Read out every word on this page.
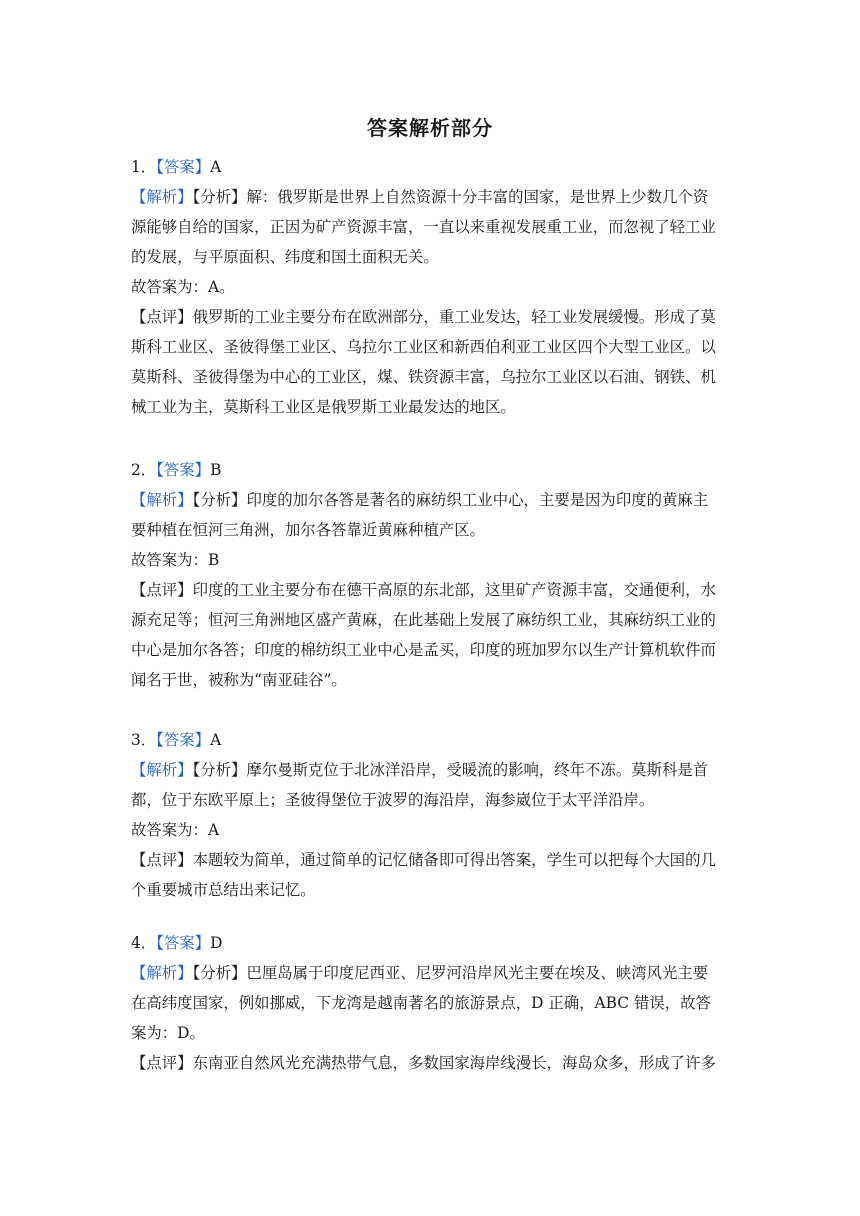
答案解析部分
1．【答案】A
【解析】【分析】解：俄罗斯是世界上自然资源十分丰富的国家，是世界上少数几个资
源能够自给的国家，正因为矿产资源丰富，一直以来重视发展重工业，而忽视了轻工业
的发展，与平原面积、纬度和国土面积无关。
故答案为：A。
【点评】俄罗斯的工业主要分布在欧洲部分，重工业发达，轻工业发展缓慢。形成了莫
斯科工业区、圣彼得堡工业区、乌拉尔工业区和新西伯利亚工业区四个大型工业区。以
莫斯科、圣彼得堡为中心的工业区，煤、铁资源丰富，乌拉尔工业区以石油、钢铁、机
械工业为主，莫斯科工业区是俄罗斯工业最发达的地区。
2．【答案】B
【解析】【分析】印度的加尔各答是著名的麻纺织工业中心，主要是因为印度的黄麻主
要种植在恒河三角洲，加尔各答靠近黄麻种植产区。
故答案为：B
【点评】印度的工业主要分布在德干高原的东北部，这里矿产资源丰富，交通便利，水
源充足等；恒河三角洲地区盛产黄麻，在此基础上发展了麻纺织工业，其麻纺织工业的
中心是加尔各答；印度的棉纺织工业中心是孟买，印度的班加罗尔以生产计算机软件而
闻名于世，被称为“南亚硅谷”。
3．【答案】A
【解析】【分析】摩尔曼斯克位于北冰洋沿岸，受暖流的影响，终年不冻。莫斯科是首
都，位于东欧平原上；圣彼得堡位于波罗的海沿岸，海参崴位于太平洋沿岸。
故答案为：A
【点评】本题较为简单，通过简单的记忆储备即可得出答案，学生可以把每个大国的几
个重要城市总结出来记忆。
4．【答案】D
【解析】【分析】巴厘岛属于印度尼西亚、尼罗河沿岸风光主要在埃及、峡湾风光主要
在高纬度国家，例如挪威，下龙湾是越南著名的旅游景点，D 正确，ABC 错误，故答
案为：D。
【点评】东南亚自然风光充满热带气息，多数国家海岸线漫长，海岛众多，形成了许多
